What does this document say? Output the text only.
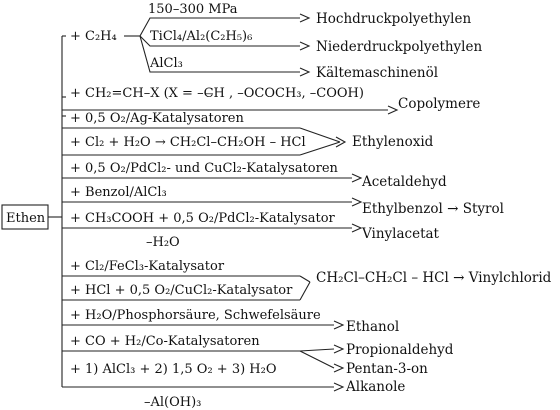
Ethen
+ C₂H₄
150–300 MPa
TiCl₄/Al₂(C₂H₅)₆
AlCl₃
Hochdruckpolyethylen
Niederdruckpolyethylen
Kältemaschinenöl
+ CH₂=CH–X (X = –C̶H , –OCOCH₃, –COOH)
Copolymere
+ 0,5 O₂/Ag-Katalysatoren
+ Cl₂ + H₂O → CH₂Cl–CH₂OH – HCl	Ethylenoxid
+ 0,5 O₂/PdCl₂- und CuCl₂-Katalysatoren
Acetaldehyd
+ Benzol/AlCl₃
Ethylbenzol → Styrol
+ CH₃COOH + 0,5 O₂/PdCl₂-Katalysator
Vinylacetat
–H₂O
+ Cl₂/FeCl₃-Katalysator
+ HCl + 0,5 O₂/CuCl₂-Katalysator
CH₂Cl–CH₂Cl – HCl → Vinylchlorid
+ H₂O/Phosphorsäure, Schwefelsäure
Ethanol
+ CO + H₂/Co-Katalysatoren
Propionaldehyd
Pentan-3-on
+ 1) AlCl₃ + 2) 1,5 O₂ + 3) H₂O
Alkanole
–Al(OH)₃
